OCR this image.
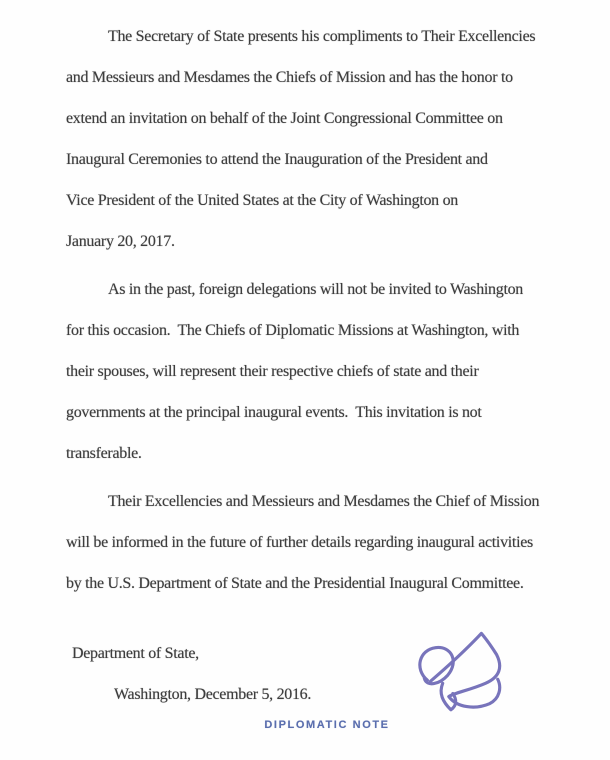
The Secretary of State presents his compliments to Their Excellencies
and Messieurs and Mesdames the Chiefs of Mission and has the honor to
extend an invitation on behalf of the Joint Congressional Committee on
Inaugural Ceremonies to attend the Inauguration of the President and
Vice President of the United States at the City of Washington on
January 20, 2017.
As in the past, foreign delegations will not be invited to Washington
for this occasion.  The Chiefs of Diplomatic Missions at Washington, with
their spouses, will represent their respective chiefs of state and their
governments at the principal inaugural events.  This invitation is not
transferable.
Their Excellencies and Messieurs and Mesdames the Chief of Mission
will be informed in the future of further details regarding inaugural activities
by the U.S. Department of State and the Presidential Inaugural Committee.
Department of State,
Washington, December 5, 2016.
DIPLOMATIC NOTE
